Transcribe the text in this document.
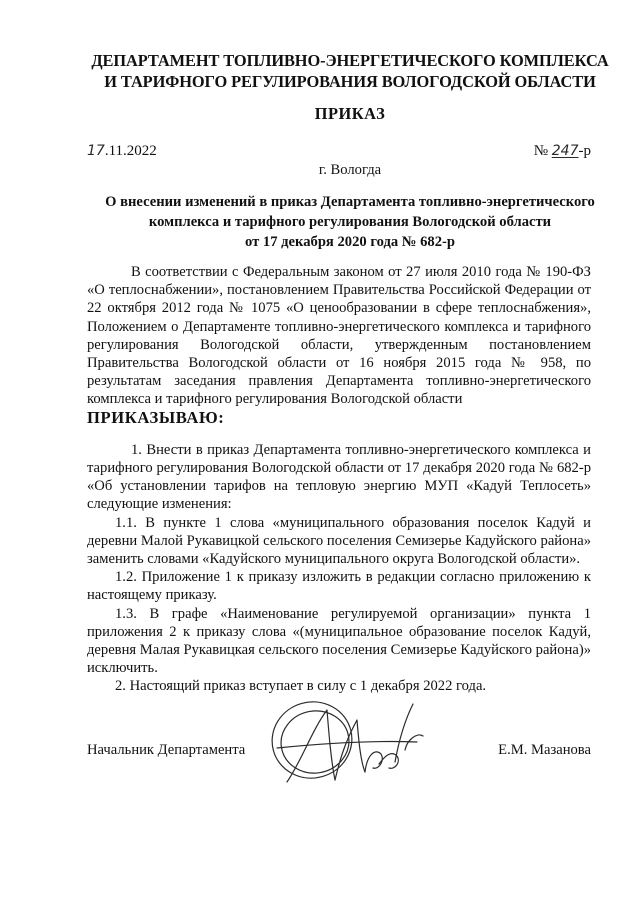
ДЕПАРТАМЕНТ ТОПЛИВНО-ЭНЕРГЕТИЧЕСКОГО КОМПЛЕКСА
И ТАРИФНОГО РЕГУЛИРОВАНИЯ ВОЛОГОДСКОЙ ОБЛАСТИ
ПРИКАЗ
17.11.2022	№ 247-р
г. Вологда
О внесении изменений в приказ Департамента топливно-энергетического
комплекса и тарифного регулирования Вологодской области
от 17 декабря 2020 года № 682-р

В соответствии с Федеральным законом от 27 июля 2010 года № 190-ФЗ «О теплоснабжении», постановлением Правительства Российской Федерации от 22 октября 2012 года № 1075 «О ценообразовании в сфере теплоснабжения», Положением о Департаменте топливно-энергетического комплекса и тарифного регулирования Вологодской области, утвержденным постановлением Правительства Вологодской области от 16 ноября 2015 года № 958, по результатам заседания правления Департамента топливно-энергетического комплекса и тарифного регулирования Вологодской области

ПРИКАЗЫВАЮ:

1. Внести в приказ Департамента топливно-энергетического комплекса и тарифного регулирования Вологодской области от 17 декабря 2020 года № 682-р «Об установлении тарифов на тепловую энергию МУП «Кадуй Теплосеть» следующие изменения:

1.1. В пункте 1 слова «муниципального образования поселок Кадуй и деревни Малой Рукавицкой сельского поселения Семизерье Кадуйского района» заменить словами «Кадуйского муниципального округа Вологодской области».

1.2. Приложение 1 к приказу изложить в редакции согласно приложению к настоящему приказу.

1.3. В графе «Наименование регулируемой организации» пункта 1 приложения 2 к приказу слова «(муниципальное образование поселок Кадуй, деревня Малая Рукавицкая сельского поселения Семизерье Кадуйского района)» исключить.

2. Настоящий приказ вступает в силу с 1 декабря 2022 года.

Начальник Департамента	Е.М. Мазанова
